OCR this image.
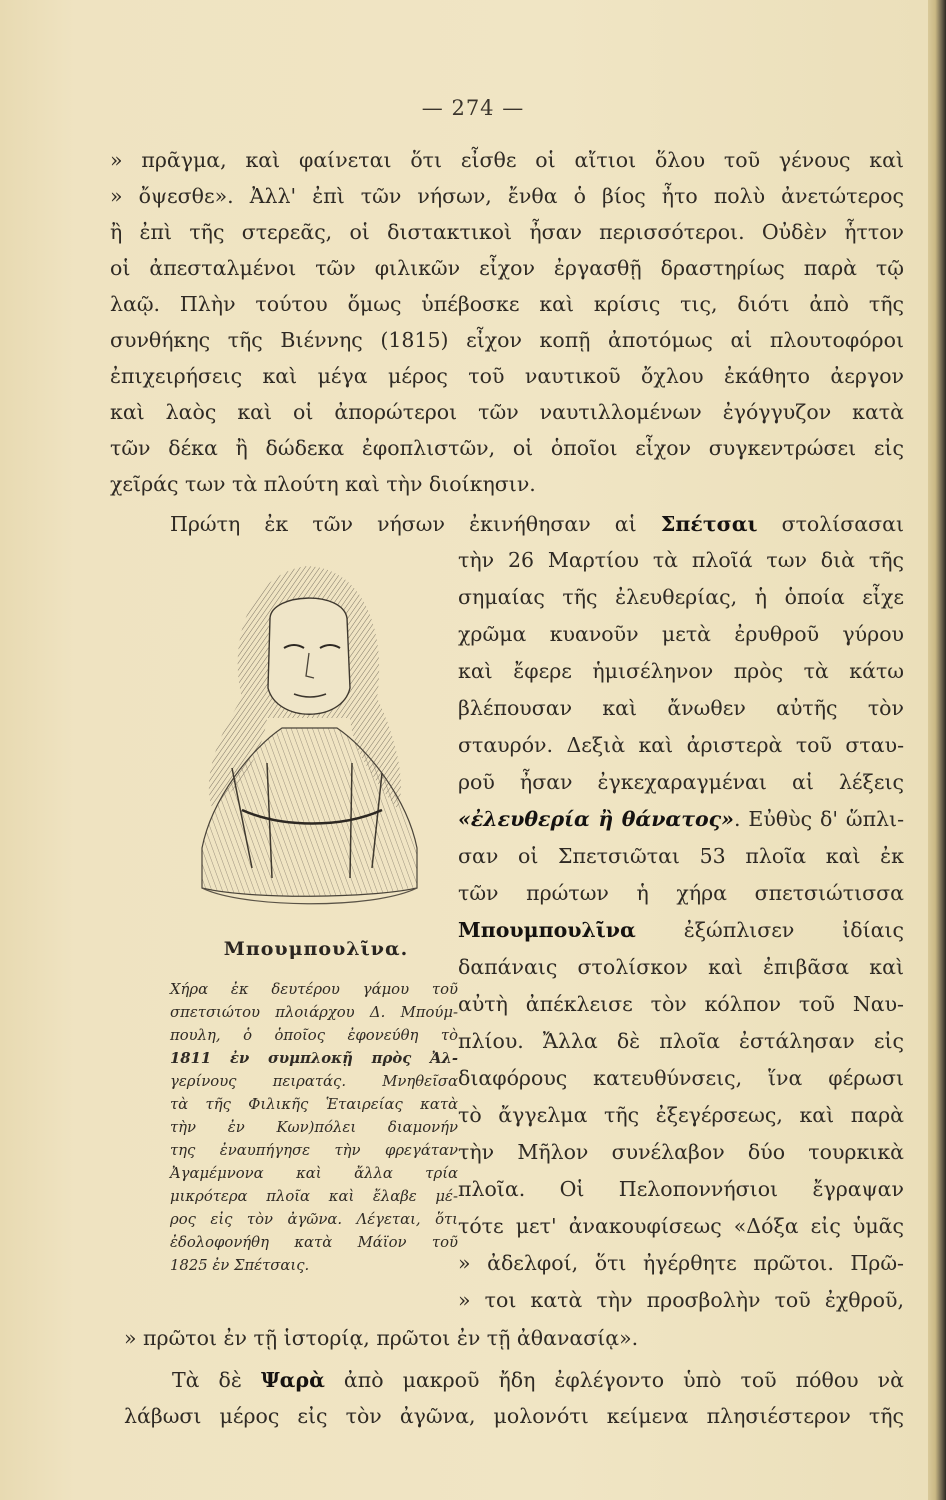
— 274 —
» πρᾶγμα, καὶ φαίνεται ὅτι εἶσθε οἱ αἴτιοι ὅλου τοῦ γένους καὶ
» ὄψεσθε». Ἀλλ' ἐπὶ τῶν νήσων, ἔνθα ὁ βίος ἦτο πολὺ ἀνετώτερος
ἢ ἐπὶ τῆς στερεᾶς, οἱ διστακτικοὶ ἦσαν περισσότεροι. Οὐδὲν ἧττον
οἱ ἀπεσταλμένοι τῶν φιλικῶν εἶχον ἐργασθῇ δραστηρίως παρὰ τῷ
λαῷ. Πλὴν τούτου ὅμως ὑπέβοσκε καὶ κρίσις τις, διότι ἀπὸ τῆς
συνθήκης τῆς Βιέννης (1815) εἶχον κοπῇ ἀποτόμως αἱ πλουτοφόροι
ἐπιχειρήσεις καὶ μέγα μέρος τοῦ ναυτικοῦ ὄχλου ἐκάθητο ἀεργον
καὶ λαὸς καὶ οἱ ἀπορώτεροι τῶν ναυτιλλομένων ἐγόγγυζον κατὰ
τῶν δέκα ἢ δώδεκα ἐφοπλιστῶν, οἱ ὁποῖοι εἶχον συγκεντρώσει εἰς
χεῖράς των τὰ πλούτη καὶ τὴν διοίκησιν.
Πρώτη ἐκ τῶν νήσων ἐκινήθησαν αἱ Σπέτσαι στολίσασαι
Μπουμπουλῖνα.
Χήρα ἐκ δευτέρου γάμου τοῦ
σπετσιώτου πλοιάρχου Δ. Μπούμ-
πουλη, ὁ ὁποῖος ἐφονεύθη τὸ
1811 ἐν συμπλοκῇ πρὸς Ἀλ-
γερίνους πειρατάς. Μνηθεῖσα
τὰ τῆς Φιλικῆς Ἑταιρείας κατὰ
τὴν ἐν Κων)πόλει διαμονήν
της ἐναυπήγησε τὴν φρεγάταν
Ἀγαμέμνονα καὶ ἄλλα τρία
μικρότερα πλοῖα καὶ ἔλαβε μέ-
ρος εἰς τὸν ἀγῶνα. Λέγεται, ὅτι
ἐδολοφονήθη κατὰ Μάϊον τοῦ
1825 ἐν Σπέτσαις.
τὴν 26 Μαρτίου τὰ πλοῖά των διὰ τῆς
σημαίας τῆς ἐλευθερίας, ἡ ὁποία εἶχε
χρῶμα κυανοῦν μετὰ ἐρυθροῦ γύρου
καὶ ἔφερε ἡμισέληνον πρὸς τὰ κάτω
βλέπουσαν καὶ ἄνωθεν αὐτῆς τὸν
σταυρόν. Δεξιὰ καὶ ἀριστερὰ τοῦ σταυ-
ροῦ ἦσαν ἐγκεχαραγμέναι αἱ λέξεις
«ἐλευθερία ἢ θάνατος». Εὐθὺς δ' ὥπλι-
σαν οἱ Σπετσιῶται 53 πλοῖα καὶ ἐκ
τῶν πρώτων ἡ χήρα σπετσιώτισσα
Μπουμπουλῖνα ἐξώπλισεν ἰδίαις
δαπάναις στολίσκον καὶ ἐπιβᾶσα καὶ
αὐτὴ ἀπέκλεισε τὸν κόλπον τοῦ Ναυ-
πλίου. Ἄλλα δὲ πλοῖα ἐστάλησαν εἰς
διαφόρους κατευθύνσεις, ἵνα φέρωσι
τὸ ἄγγελμα τῆς ἐξεγέρσεως, καὶ παρὰ
τὴν Μῆλον συνέλαβον δύο τουρκικὰ
πλοῖα. Οἱ Πελοποννήσιοι ἔγραψαν
τότε μετ' ἀνακουφίσεως «Δόξα εἰς ὑμᾶς
» ἀδελφοί, ὅτι ἠγέρθητε πρῶτοι. Πρῶ-
» τοι κατὰ τὴν προσβολὴν τοῦ ἐχθροῦ,
» πρῶτοι ἐν τῇ ἱστορίᾳ, πρῶτοι ἐν τῇ ἀθανασίᾳ».
Τὰ δὲ Ψαρὰ ἀπὸ μακροῦ ἤδη ἐφλέγοντο ὑπὸ τοῦ πόθου νὰ
λάβωσι μέρος εἰς τὸν ἀγῶνα, μολονότι κείμενα πλησιέστερον τῆς
